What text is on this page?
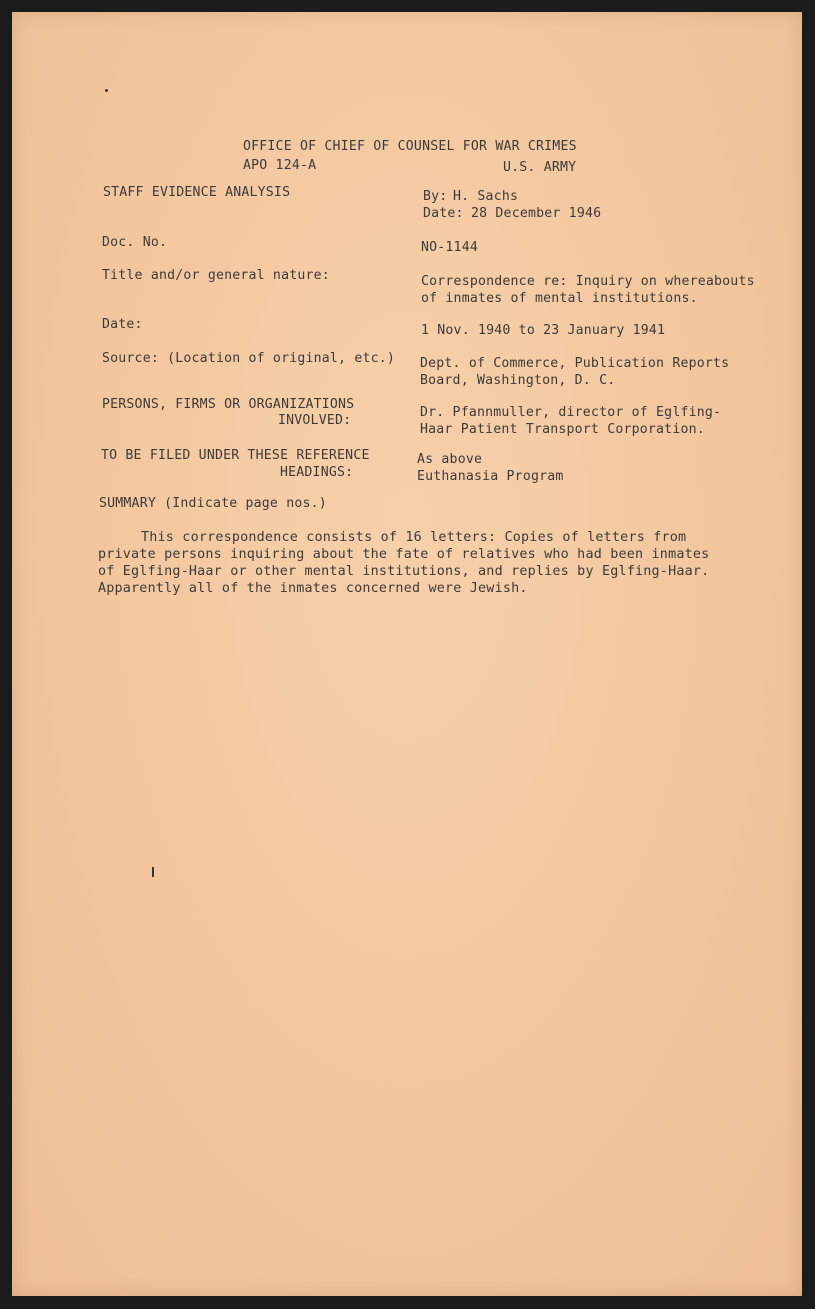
OFFICE OF CHIEF OF COUNSEL FOR WAR CRIMES
APO 124-A	U.S. ARMY
STAFF EVIDENCE ANALYSIS	By: H. Sachs
Date: 28 December 1946
Doc. No.	NO-1144
Title and/or general nature:	Correspondence re: Inquiry on whereabouts
of inmates of mental institutions.
Date:	1 Nov. 1940 to 23 January 1941
Source: (Location of original, etc.) Dept. of Commerce, Publication Reports
Board, Washington, D. C.
PERSONS, FIRMS OR ORGANIZATIONS
INVOLVED:
Dr. Pfannmuller, director of Eglfing-
Haar Patient Transport Corporation.
TO BE FILED UNDER THESE REFERENCE
HEADINGS:
As above
Euthanasia Program
SUMMARY (Indicate page nos.)
This correspondence consists of 16 letters: Copies of letters from
private persons inquiring about the fate of relatives who had been inmates
of Eglfing-Haar or other mental institutions, and replies by Eglfing-Haar.
Apparently all of the inmates concerned were Jewish.
